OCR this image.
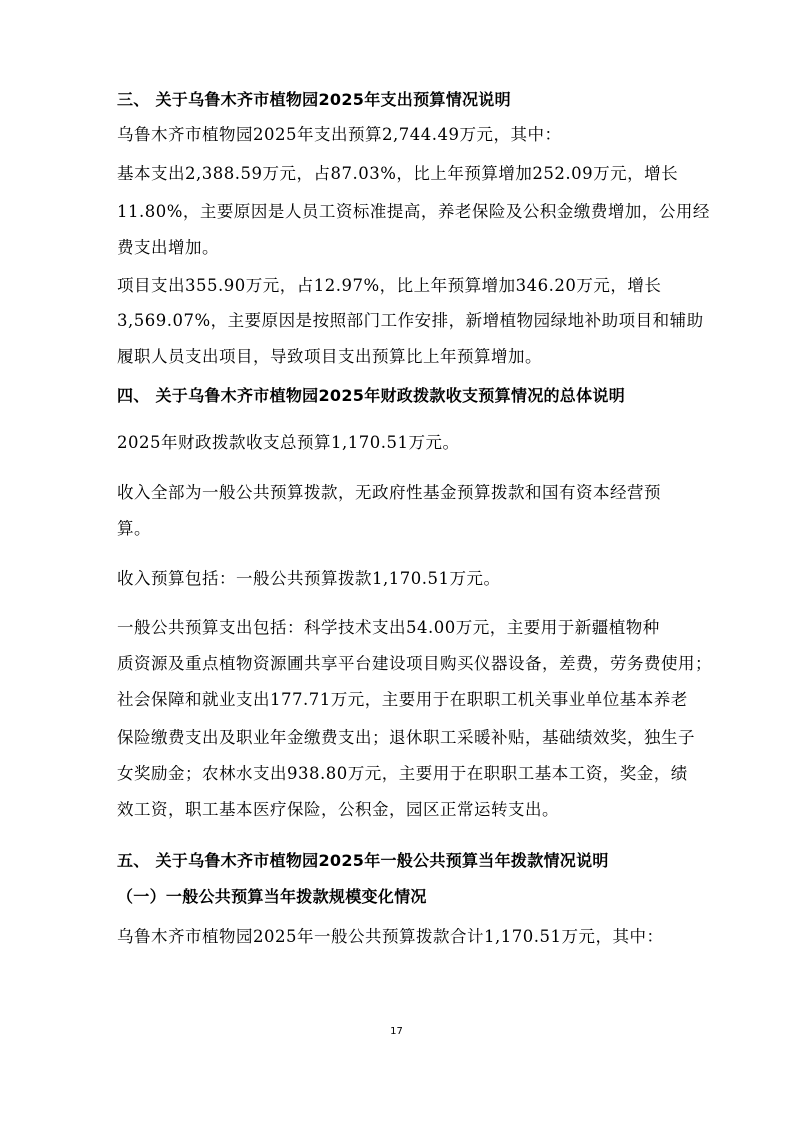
三、 关于乌鲁木齐市植物园2025年支出预算情况说明
乌鲁木齐市植物园2025年支出预算2,744.49万元，其中：
基本支出2,388.59万元，占87.03%，比上年预算增加252.09万元，增长
11.80%，主要原因是人员工资标准提高，养老保险及公积金缴费增加，公用经
费支出增加。
项目支出355.90万元，占12.97%，比上年预算增加346.20万元，增长
3,569.07%，主要原因是按照部门工作安排，新增植物园绿地补助项目和辅助
履职人员支出项目，导致项目支出预算比上年预算增加。
四、 关于乌鲁木齐市植物园2025年财政拨款收支预算情况的总体说明
2025年财政拨款收支总预算1,170.51万元。
收入全部为一般公共预算拨款，无政府性基金预算拨款和国有资本经营预
算。
收入预算包括：一般公共预算拨款1,170.51万元。
一般公共预算支出包括：科学技术支出54.00万元，主要用于新疆植物种
质资源及重点植物资源圃共享平台建设项目购买仪器设备，差费，劳务费使用；
社会保障和就业支出177.71万元，主要用于在职职工机关事业单位基本养老
保险缴费支出及职业年金缴费支出；退休职工采暖补贴，基础绩效奖，独生子
女奖励金；农林水支出938.80万元，主要用于在职职工基本工资，奖金，绩
效工资，职工基本医疗保险，公积金，园区正常运转支出。
五、 关于乌鲁木齐市植物园2025年一般公共预算当年拨款情况说明
（一）一般公共预算当年拨款规模变化情况
乌鲁木齐市植物园2025年一般公共预算拨款合计1,170.51万元，其中：
17
